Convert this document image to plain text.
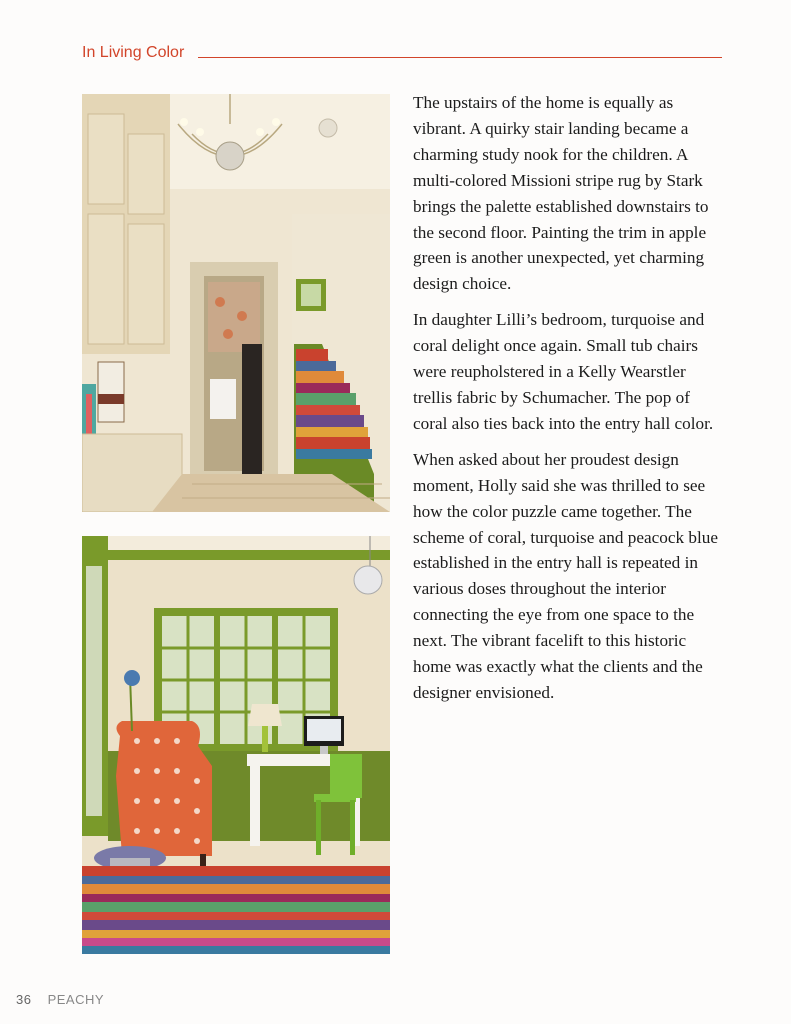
In Living Color

The upstairs of the home is equally as vibrant. A quirky stair landing became a charming study nook for the children. A multi-colored Missioni stripe rug by Stark brings the palette established downstairs to the second floor. Painting the trim in apple green is another unexpected, yet charming design choice.

In daughter Lilli’s bedroom, turquoise and coral delight once again. Small tub chairs were reupholstered in a Kelly Wearstler trellis fabric by Schumacher. The pop of coral also ties back into the entry hall color.

When asked about her proudest design moment, Holly said she was thrilled to see how the color puzzle came together. The scheme of coral, turquoise and peacock blue established in the entry hall is repeated in various doses throughout the interior connecting the eye from one space to the next. The vibrant facelift to this historic home was exactly what the clients and the designer envisioned.

36 PEACHY
